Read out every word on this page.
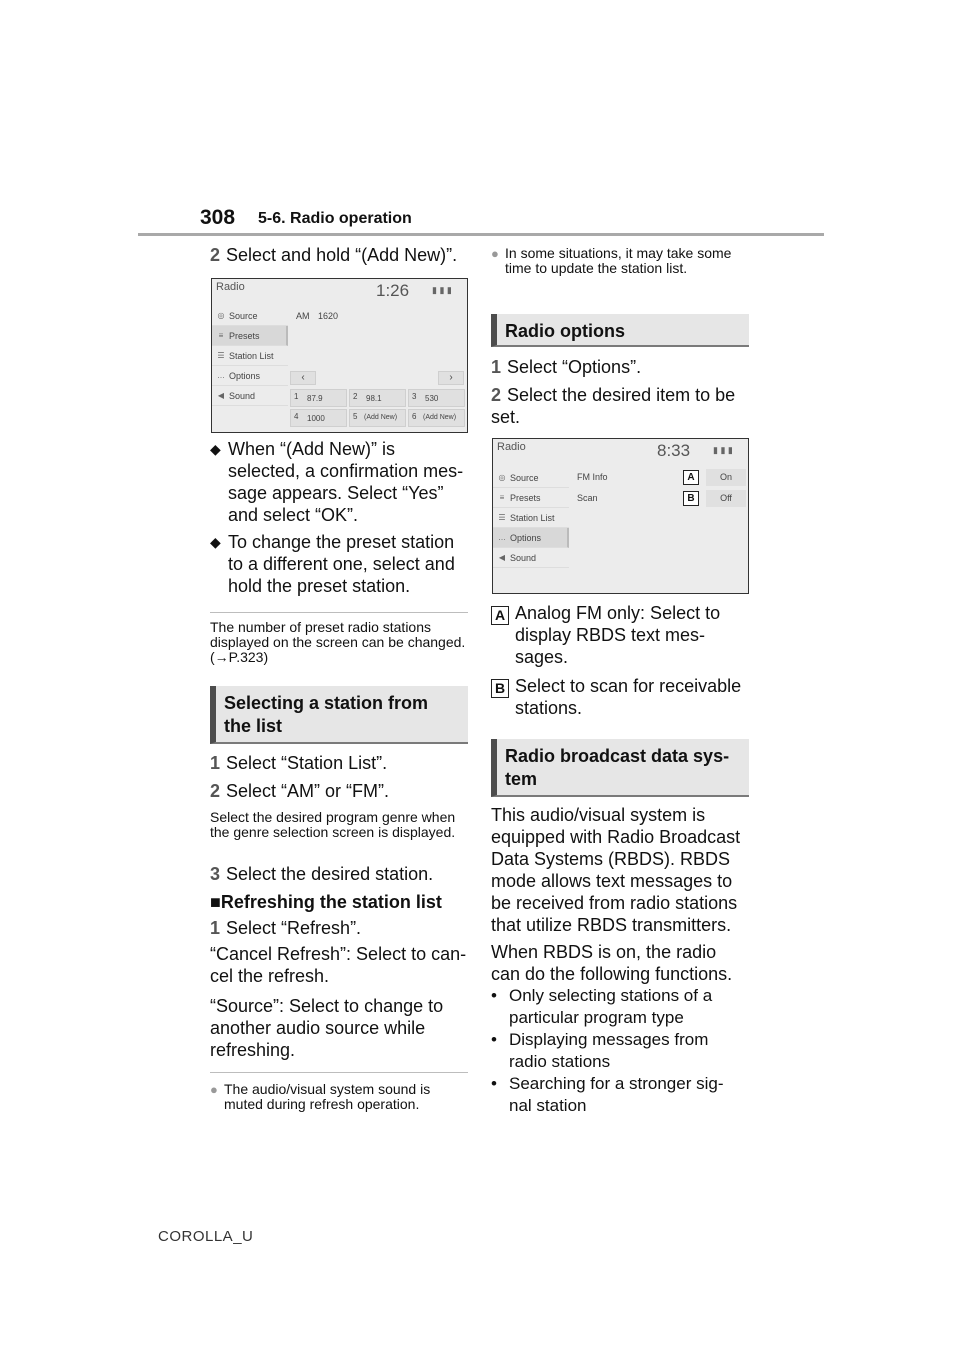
308 5-6. Radio operation
2 Select and hold “(Add New)”.
Radio	1:26	▮ ▮ ▮
◎ Source
≡ Presets
☰ Station List
… Options
◀ Sound
AM 1620
‹	›
1 87.9	2 98.1	3 530
4 1000	5 (Add New) 6 (Add New)
◆ When “(Add New)” is selected, a confirmation mes- sage appears. Select “Yes” and select “OK”.
◆ To change the preset station to a different one, select and hold the preset station.
The number of preset radio stations displayed on the screen can be changed. (→P.323)
Selecting a station from
the list
1 Select “Station List”.
2 Select “AM” or “FM”.
Select the desired program genre when the genre selection screen is displayed.
3 Select the desired station.
■Refreshing the station list
1 Select “Refresh”.
“Cancel Refresh”: Select to can- cel the refresh.
“Source”: Select to change to another audio source while refreshing.
● The audio/visual system sound is muted during refresh operation.
● In some situations, it may take some time to update the station list.
Radio options
1 Select “Options”.
2 Select the desired item to be set.
Radio	8:33	▮ ▮ ▮
◎ Source
≡ Presets
☰ Station List
… Options
◀ Sound
FM Info	A	On
Scan	B	Off
A Analog FM only: Select to display RBDS text mes- sages.
B Select to scan for receivable stations.
Radio broadcast data sys-
tem
This audio/visual system is equipped with Radio Broadcast Data Systems (RBDS). RBDS mode allows text messages to be received from radio stations that utilize RBDS transmitters.
When RBDS is on, the radio can do the following functions.
• Only selecting stations of a particular program type
• Displaying messages from radio stations
• Searching for a stronger sig- nal station
COROLLA_U
